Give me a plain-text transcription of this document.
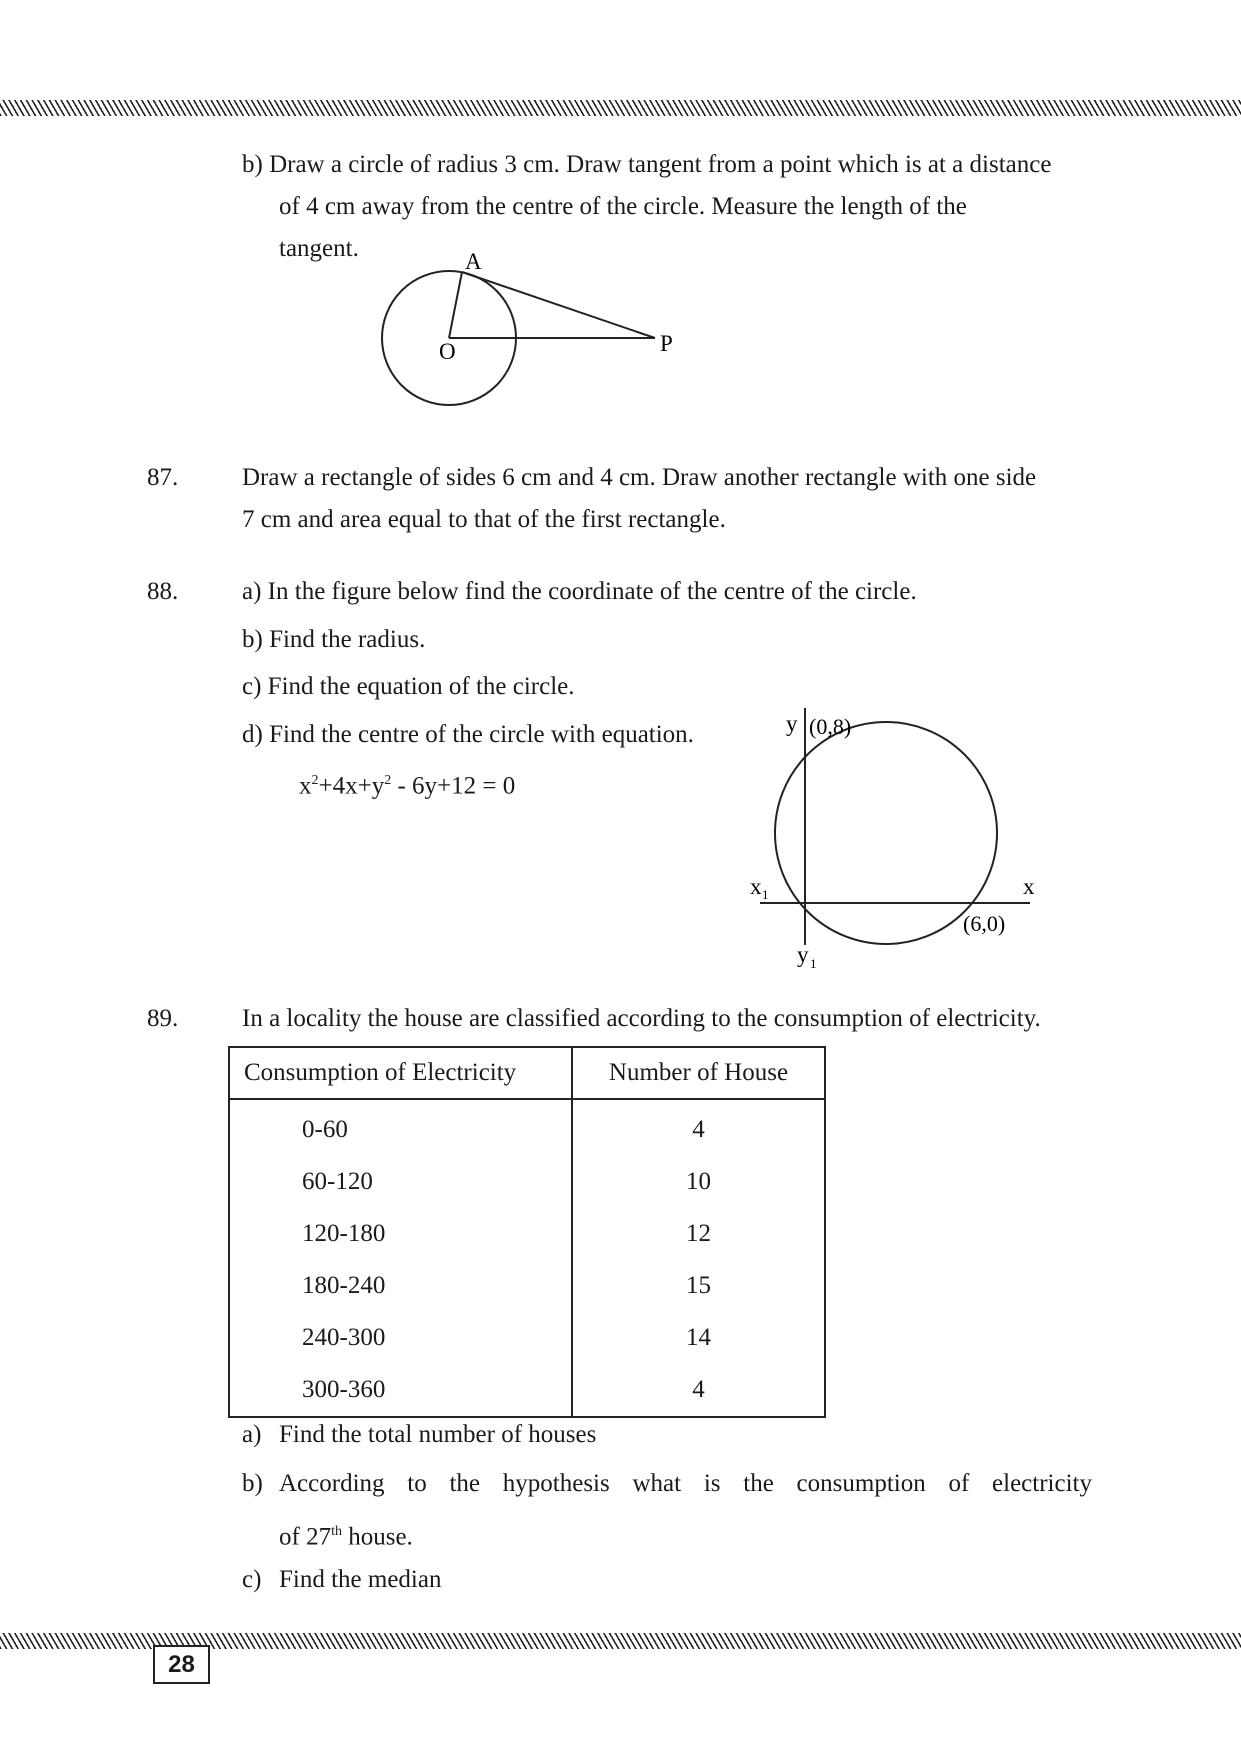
b) Draw a circle of radius 3 cm. Draw tangent from a point which is at a distance
of 4 cm away from the centre of the circle. Measure the length of the
tangent.	A
O	P
87.	Draw a rectangle of sides 6 cm and 4 cm. Draw another rectangle with one side
7 cm and area equal to that of the first rectangle.
88.	a) In the figure below find the coordinate of the centre of the circle.
b) Find the radius.
c) Find the equation of the circle.
d) Find the centre of the circle with equation.
$x^2+4x+y^2 - 6y+12 = 0$
y (0,8)
x 1	x
(6,0)
y 1
89.	In a locality the house are classified according to the consumption of electricity.
Consumption of Electricity	Number of House
0-60	4
60-120	10
120-180	12
180-240	15
240-300	14
300-360	4
a) Find the total number of houses
b) According to the hypothesis what is the consumption of electricity
of 27th house.
c) Find the median
28
